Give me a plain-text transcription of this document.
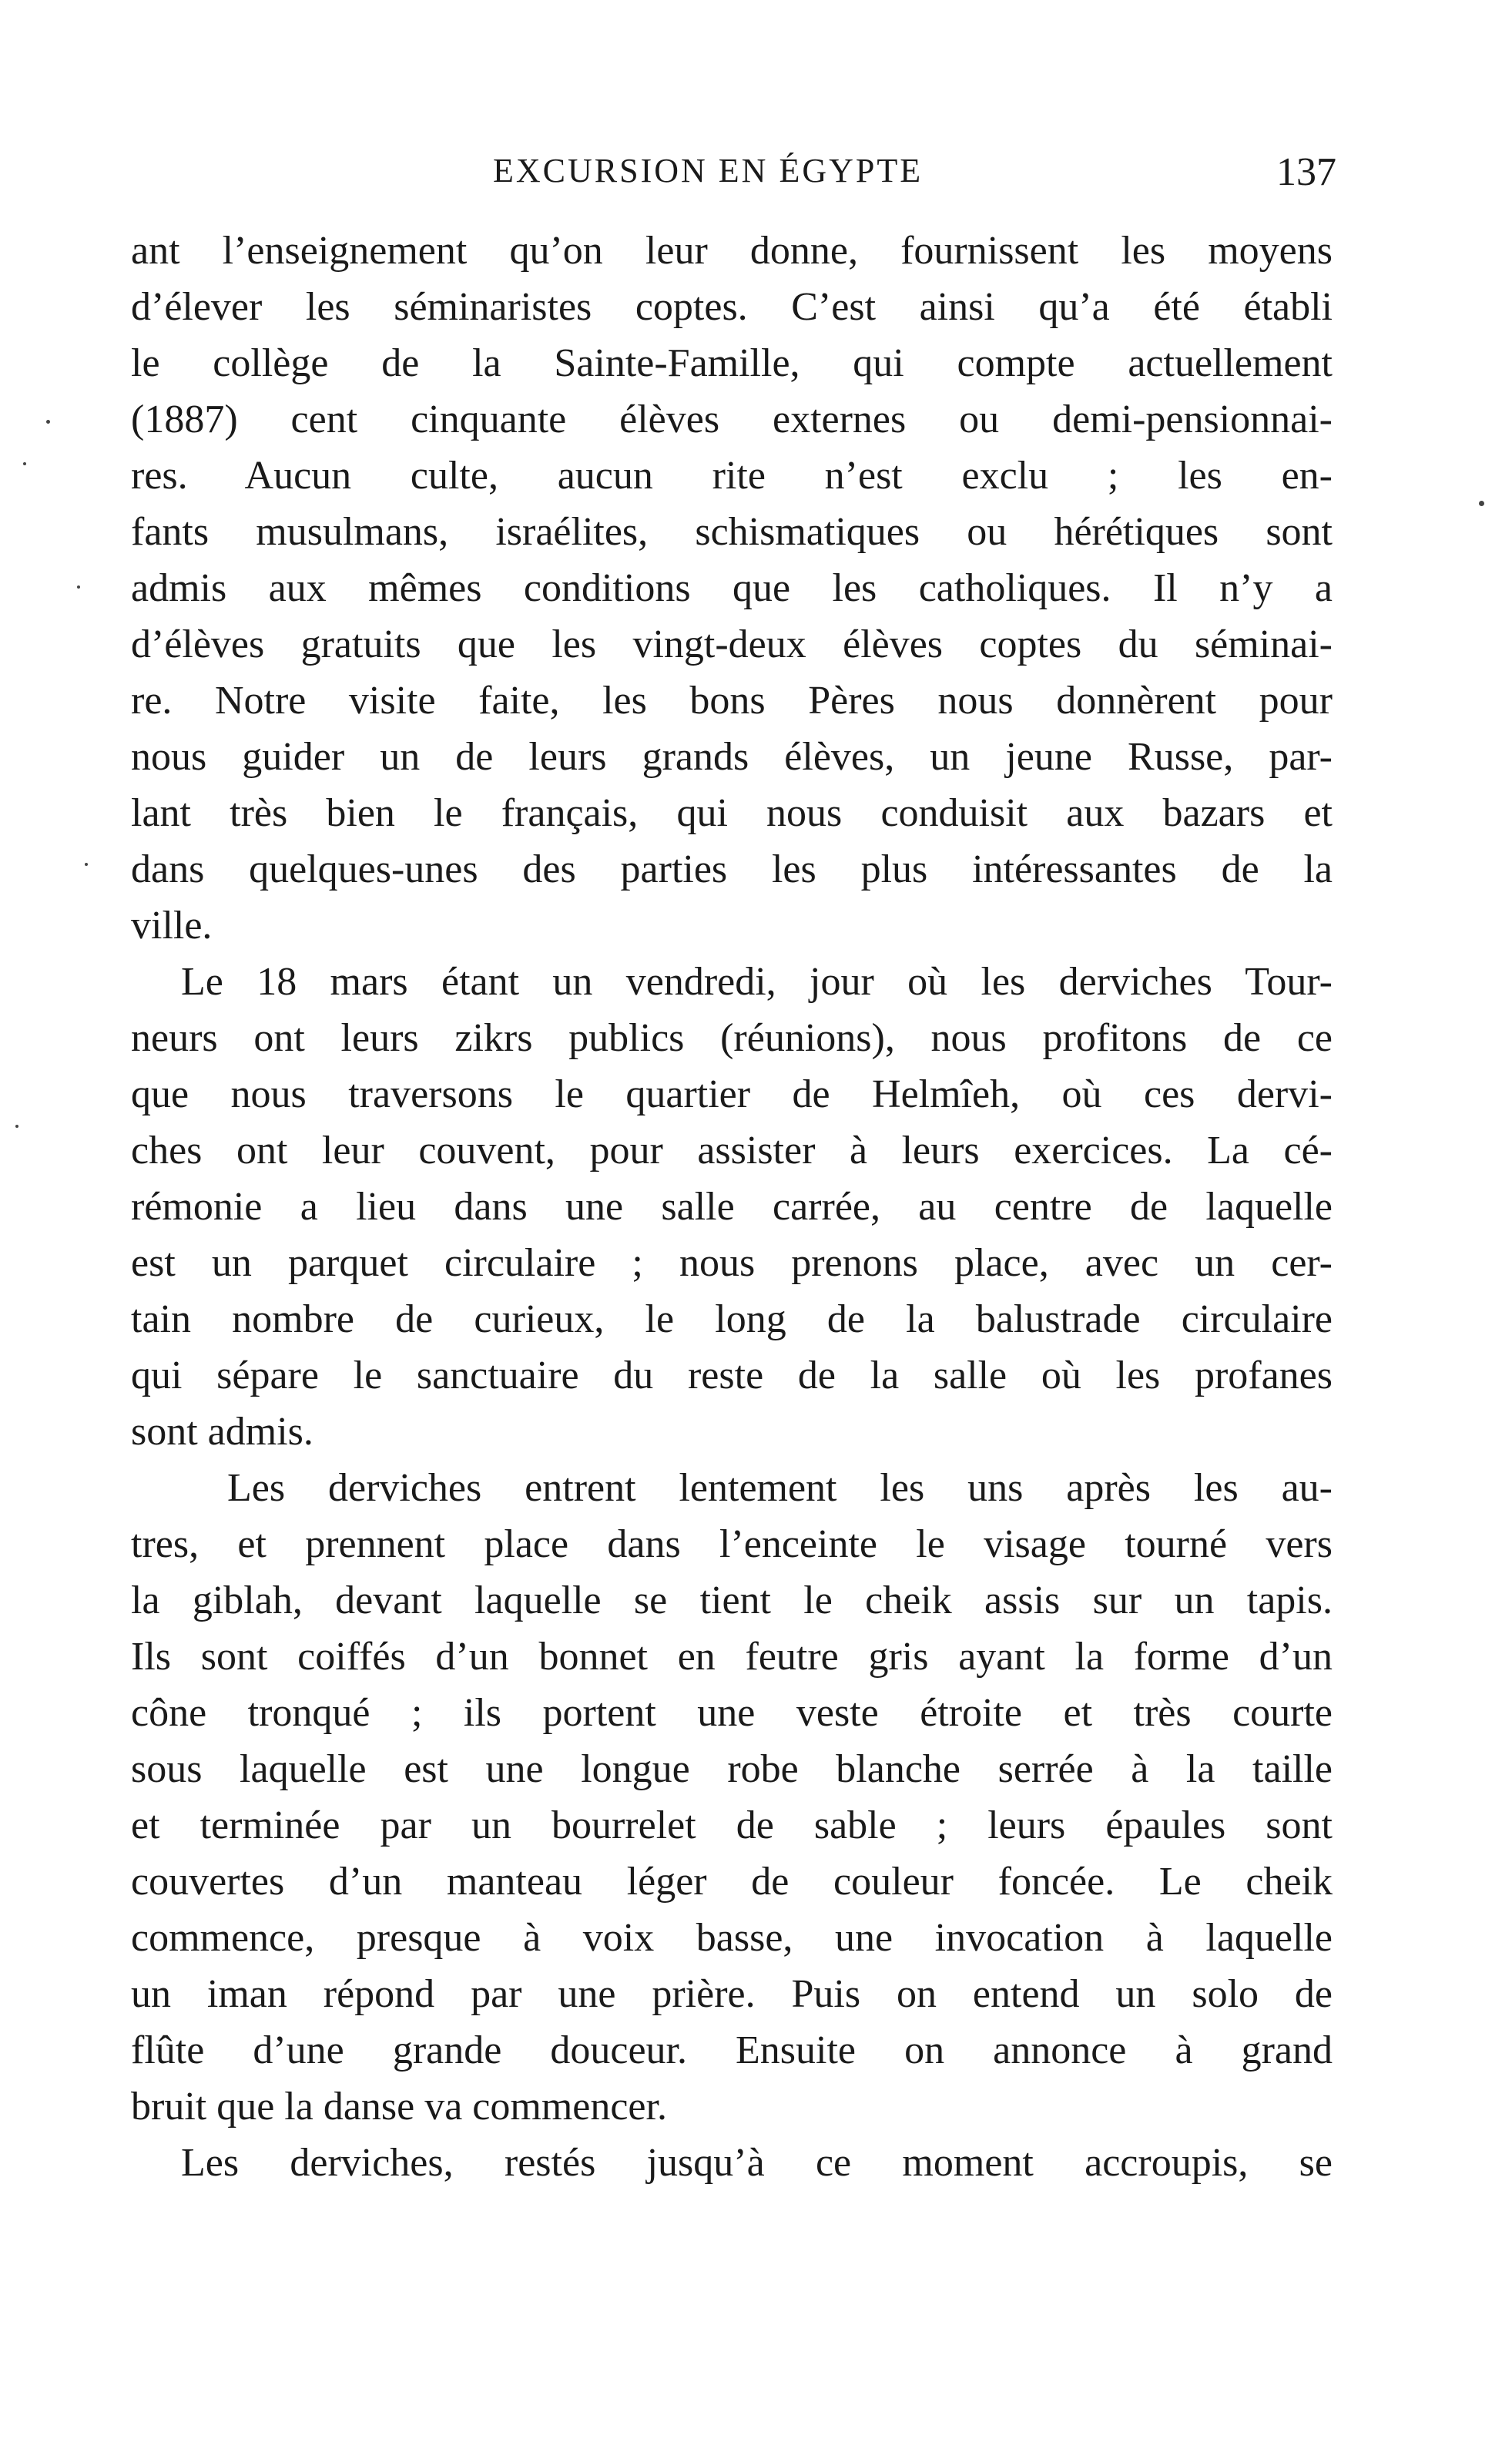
EXCURSION EN ÉGYPTE	137
ant l’enseignement qu’on leur donne, fournissent les moyens
d’élever les séminaristes coptes. C’est ainsi qu’a été établi
le collège de la Sainte-Famille, qui compte actuellement
(1887) cent cinquante élèves externes ou demi-pensionnai-
res. Aucun culte, aucun rite n’est exclu ; les en-
fants musulmans, israélites, schismatiques ou hérétiques sont
admis aux mêmes conditions que les catholiques. Il n’y a
d’élèves gratuits que les vingt-deux élèves coptes du séminai-
re. Notre visite faite, les bons Pères nous donnèrent pour
nous guider un de leurs grands élèves, un jeune Russe, par-
lant très bien le français, qui nous conduisit aux bazars et
dans quelques-unes des parties les plus intéressantes de la
ville.
Le 18 mars étant un vendredi, jour où les derviches Tour-
neurs ont leurs zikrs publics (réunions), nous profitons de ce
que nous traversons le quartier de Helmîeh, où ces dervi-
ches ont leur couvent, pour assister à leurs exercices. La cé-
rémonie a lieu dans une salle carrée, au centre de laquelle
est un parquet circulaire ; nous prenons place, avec un cer-
tain nombre de curieux, le long de la balustrade circulaire
qui sépare le sanctuaire du reste de la salle où les profanes
sont admis.
Les derviches entrent lentement les uns après les au-
tres, et prennent place dans l’enceinte le visage tourné vers
la giblah, devant laquelle se tient le cheik assis sur un tapis.
Ils sont coiffés d’un bonnet en feutre gris ayant la forme d’un
cône tronqué ; ils portent une veste étroite et très courte
sous laquelle est une longue robe blanche serrée à la taille
et terminée par un bourrelet de sable ; leurs épaules sont
couvertes d’un manteau léger de couleur foncée. Le cheik
commence, presque à voix basse, une invocation à laquelle
un iman répond par une prière. Puis on entend un solo de
flûte d’une grande douceur. Ensuite on annonce à grand
bruit que la danse va commencer.
Les derviches, restés jusqu’à ce moment accroupis, se
